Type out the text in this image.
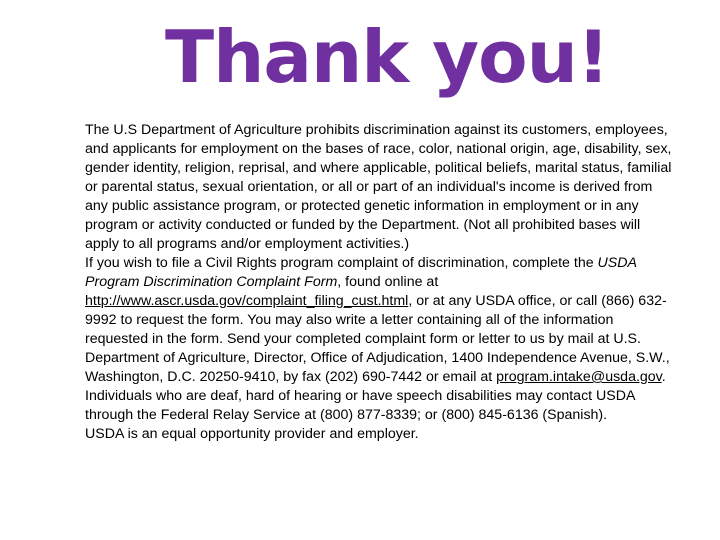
Thank you!

The U.S Department of Agriculture prohibits discrimination against its customers, employees, and applicants for employment on the bases of race, color, national origin, age, disability, sex, gender identity, religion, reprisal, and where applicable, political beliefs, marital status, familial or parental status, sexual orientation, or all or part of an individual's income is derived from any public assistance program, or protected genetic information in employment or in any program or activity conducted or funded by the Department. (Not all prohibited bases will apply to all programs and/or employment activities.)

If you wish to file a Civil Rights program complaint of discrimination, complete the USDA Program Discrimination Complaint Form, found online at http://www.ascr.usda.gov/complaint_filing_cust.html, or at any USDA office, or call (866) 632-9992 to request the form. You may also write a letter containing all of the information requested in the form. Send your completed complaint form or letter to us by mail at U.S. Department of Agriculture, Director, Office of Adjudication, 1400 Independence Avenue, S.W., Washington, D.C. 20250-9410, by fax (202) 690-7442 or email at program.intake@usda.gov.

Individuals who are deaf, hard of hearing or have speech disabilities may contact USDA through the Federal Relay Service at (800) 877-8339; or (800) 845-6136 (Spanish).

USDA is an equal opportunity provider and employer.
